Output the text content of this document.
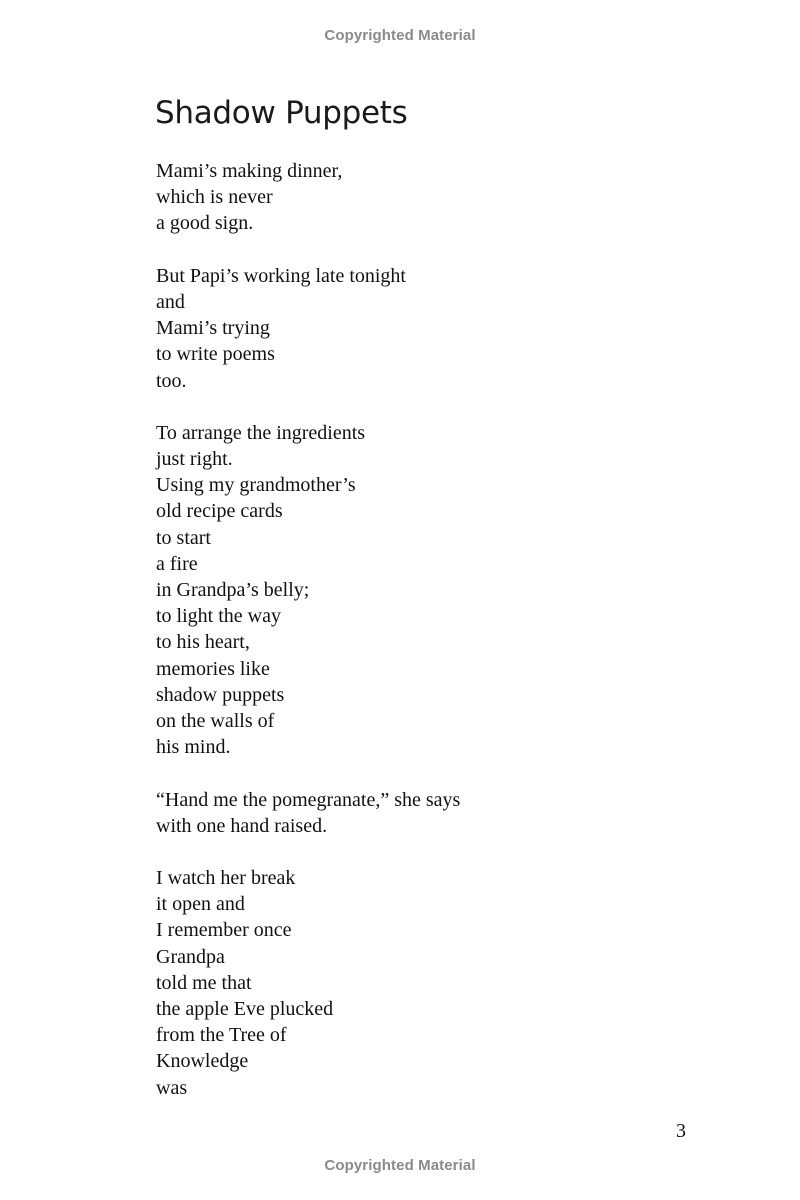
Copyrighted Material
Shadow Puppets
Mami’s making dinner,
which is never
a good sign.
But Papi’s working late tonight
and
Mami’s trying
to write poems
too.
To arrange the ingredients
just right.
Using my grandmother’s
old recipe cards
to start
a fire
in Grandpa’s belly;
to light the way
to his heart,
memories like
shadow puppets
on the walls of
his mind.
“Hand me the pomegranate,” she says
with one hand raised.
I watch her break
it open and
I remember once
Grandpa
told me that
the apple Eve plucked
from the Tree of
Knowledge
was
3
Copyrighted Material
